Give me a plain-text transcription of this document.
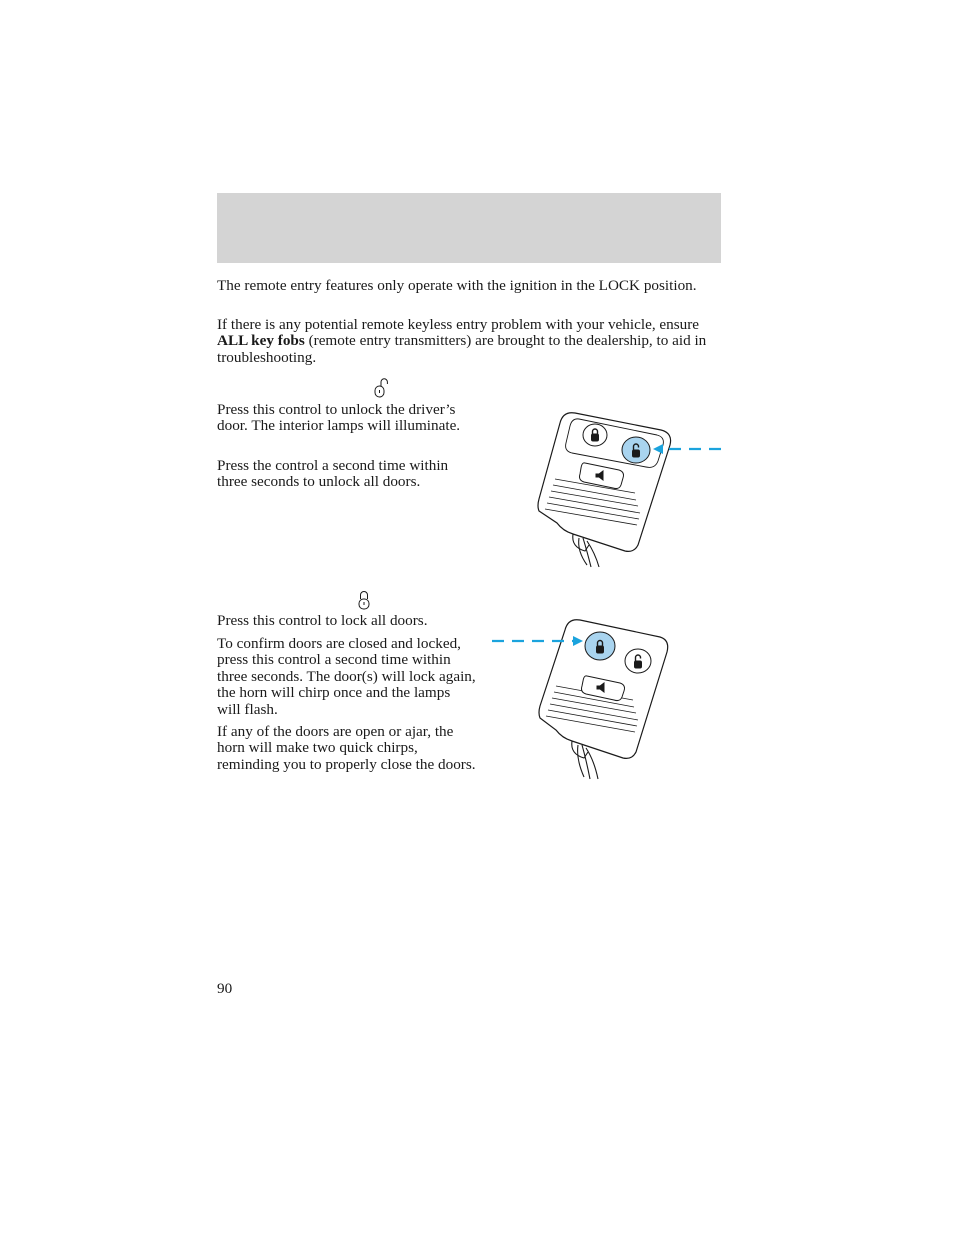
The remote entry features only operate with the ignition in the LOCK position.

If there is any potential remote keyless entry problem with your vehicle, ensure ALL key fobs (remote entry transmitters) are brought to the dealership, to aid in troubleshooting.

Press this control to unlock the driver’s door. The interior lamps will illuminate.

Press the control a second time within three seconds to unlock all doors.

Press this control to lock all doors.

To confirm doors are closed and locked, press this control a second time within three seconds. The door(s) will lock again, the horn will chirp once and the lamps will flash.

If any of the doors are open or ajar, the horn will make two quick chirps, reminding you to properly close the doors.

90
